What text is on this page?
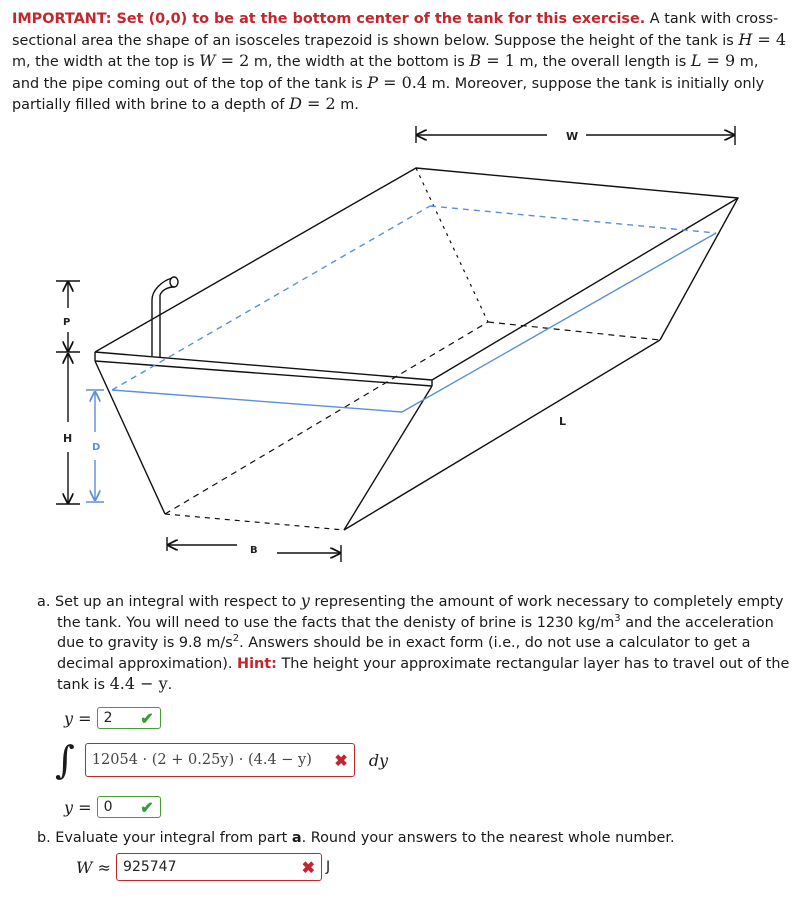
IMPORTANT: Set (0,0) to be at the bottom center of the tank for this exercise. A tank with cross-sectional area the shape of an isosceles trapezoid is shown below. Suppose the height of the tank is H = 4 m, the width at the top is W = 2 m, the width at the bottom is B = 1 m, the overall length is L = 9 m, and the pipe coming out of the top of the tank is P = 0.4 m. Moreover, suppose the tank is initially only partially filled with brine to a depth of D = 2 m.
W
L
B
P
H
D
a. Set up an integral with respect to y representing the amount of work necessary to completely empty the tank. You will need to use the facts that the denisty of brine is 1230 $kg/m^3$ and the acceleration due to gravity is 9.8 $m/s^2$. Answers should be in exact form (i.e., do not use a calculator to get a decimal approximation). Hint: The height your approximate rectangular layer has to travel out of the tank is 4.4 − y.
y = 2 ✔
∫ 12054 · (2 + 0.25y) · (4.4 − y) ✖ dy
y = 0 ✔
b. Evaluate your integral from part a. Round your answers to the nearest whole number.
W ≈ 925747	✖ J
